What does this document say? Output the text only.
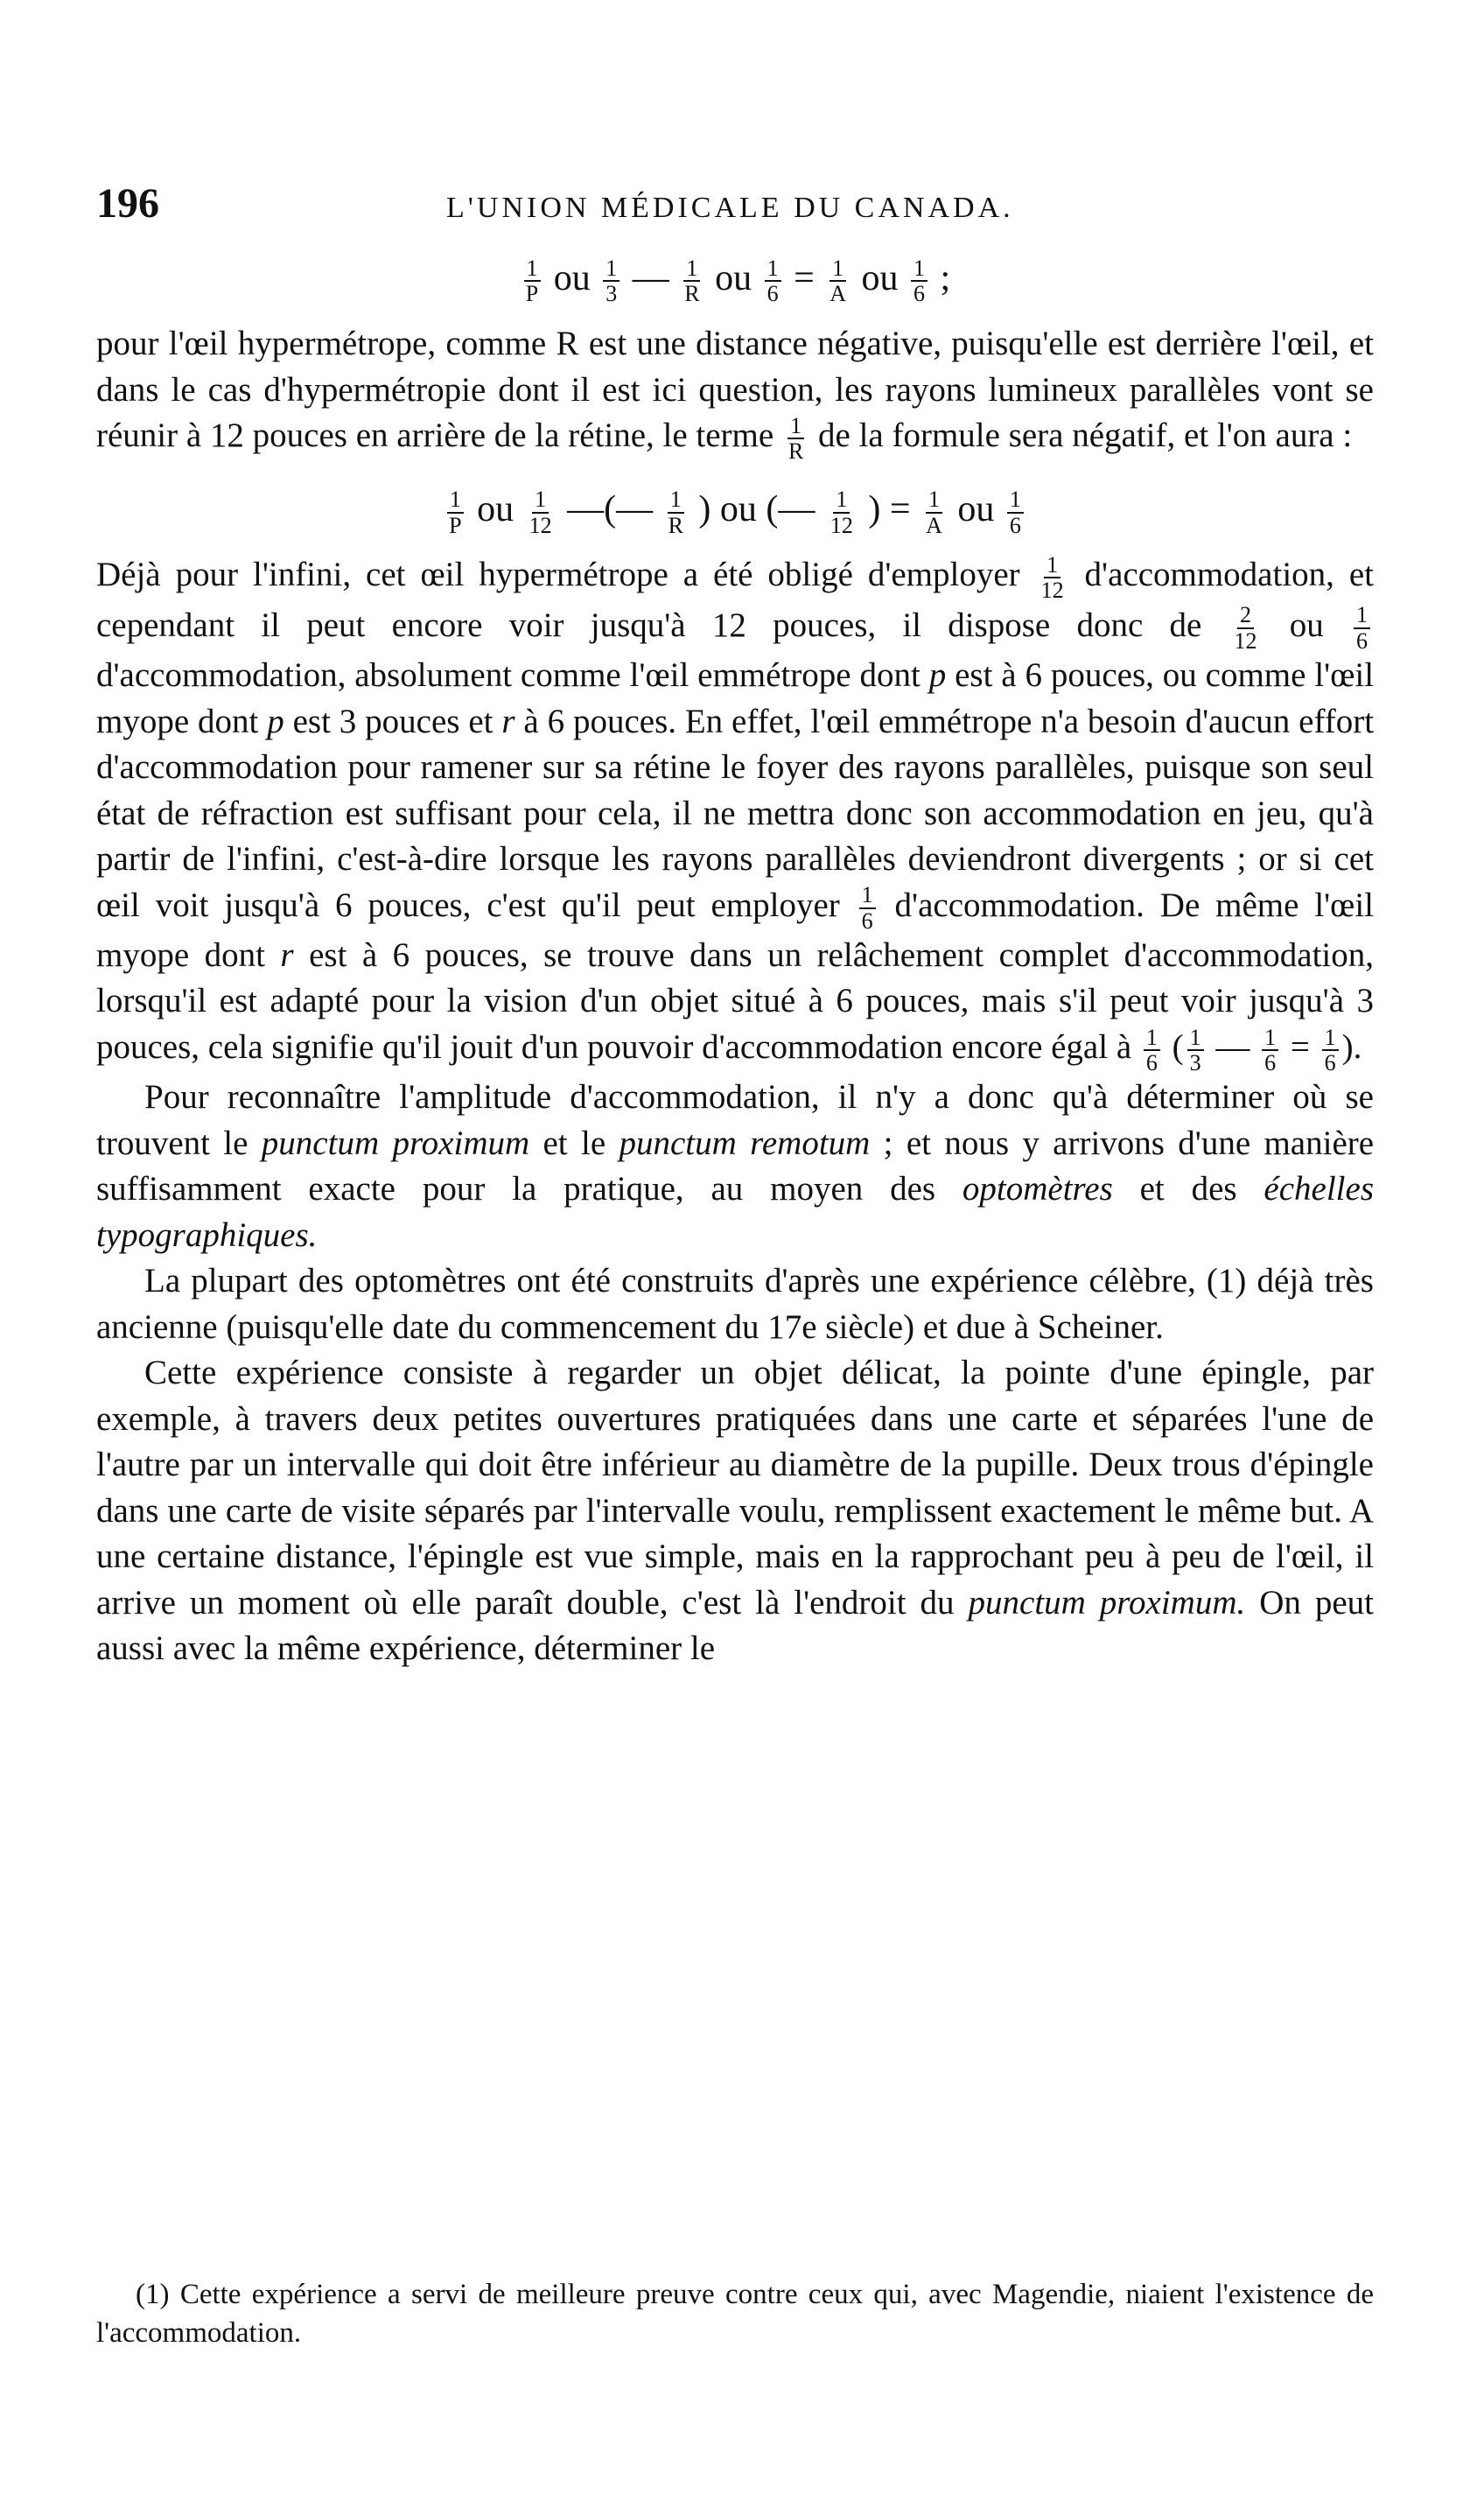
196	L'UNION MÉDICALE DU CANADA.
$\frac{1}{P}$ ou $\frac{1}{3}$ — $\frac{1}{R}$ ou $\frac{1}{6} = \frac{1}{A}$ ou $\frac{1}{6}$ ;

pour l'œil hypermétrope, comme R est une distance négative, puisqu'elle est derrière l'œil, et dans le cas d'hypermétropie dont il est ici question, les rayons lumineux parallèles vont se réunir à 12 pouces en arrière de la rétine, le terme $\frac{1}{R}$ de la formule sera négatif, et l'on aura :

$\frac{1}{P}$ ou $\frac{1}{12}$ —(— $\frac{1}{R}$ ) ou (— $\frac{1}{12}$ ) = $\frac{1}{A}$ ou $\frac{1}{6}$

Déjà pour l'infini, cet œil hypermétrope a été obligé d'employer $\frac{1}{12}$ d'accommodation, et cependant il peut encore voir jusqu'à 12 pouces, il dispose donc de $\frac{2}{12}$ ou $\frac{1}{6}$
d'accommodation, absolument comme l'œil emmétrope dont p est à 6 pouces, ou comme l'œil myope dont p est 3 pouces et r à 6 pouces. En effet, l'œil emmétrope n'a besoin d'aucun effort d'accommodation pour ramener sur sa rétine le foyer des rayons parallèles, puisque son seul état de réfraction est suffisant pour cela, il ne mettra donc son accommodation en jeu, qu'à partir de l'infini, c'est-à-dire lorsque les rayons parallèles deviendront divergents ; or si cet œil voit jusqu'à 6 pouces, c'est qu'il peut employer $\frac{1}{6}$ d'accommodation. De même l'œil myope dont r est à 6 pouces, se trouve dans un relâchement complet d'accommodation, lorsqu'il est adapté pour la vision d'un objet situé à 6 pouces, mais s'il peut voir jusqu'à 3 pouces, cela signifie qu'il jouit d'un pouvoir d'accommodation encore égal à $\frac{1}{6}$ ( $\frac{1}{3}$ — $\frac{1}{6} = \frac{1}{6}$ ).

Pour reconnaître l'amplitude d'accommodation, il n'y a donc qu'à déterminer où se trouvent le punctum proximum et le punctum remotum ; et nous y arrivons d'une manière suffisamment exacte pour la pratique, au moyen des optomètres et des échelles typographiques.

La plupart des optomètres ont été construits d'après une expérience célèbre, (1) déjà très ancienne (puisqu'elle date du commencement du 17e siècle) et due à Scheiner.

Cette expérience consiste à regarder un objet délicat, la pointe d'une épingle, par exemple, à travers deux petites ouvertures pratiquées dans une carte et séparées l'une de l'autre par un intervalle qui doit être inférieur au diamètre de la pupille. Deux trous d'épingle dans une carte de visite séparés par l'intervalle voulu, remplissent exactement le même but. A une certaine distance, l'épingle est vue simple, mais en la rapprochant peu à peu de l'œil, il arrive un moment où elle paraît double, c'est là l'endroit du punctum proximum. On peut aussi avec la même expérience, déterminer le

(1) Cette expérience a servi de meilleure preuve contre ceux qui, avec Magendie, niaient l'existence de l'accommodation.
